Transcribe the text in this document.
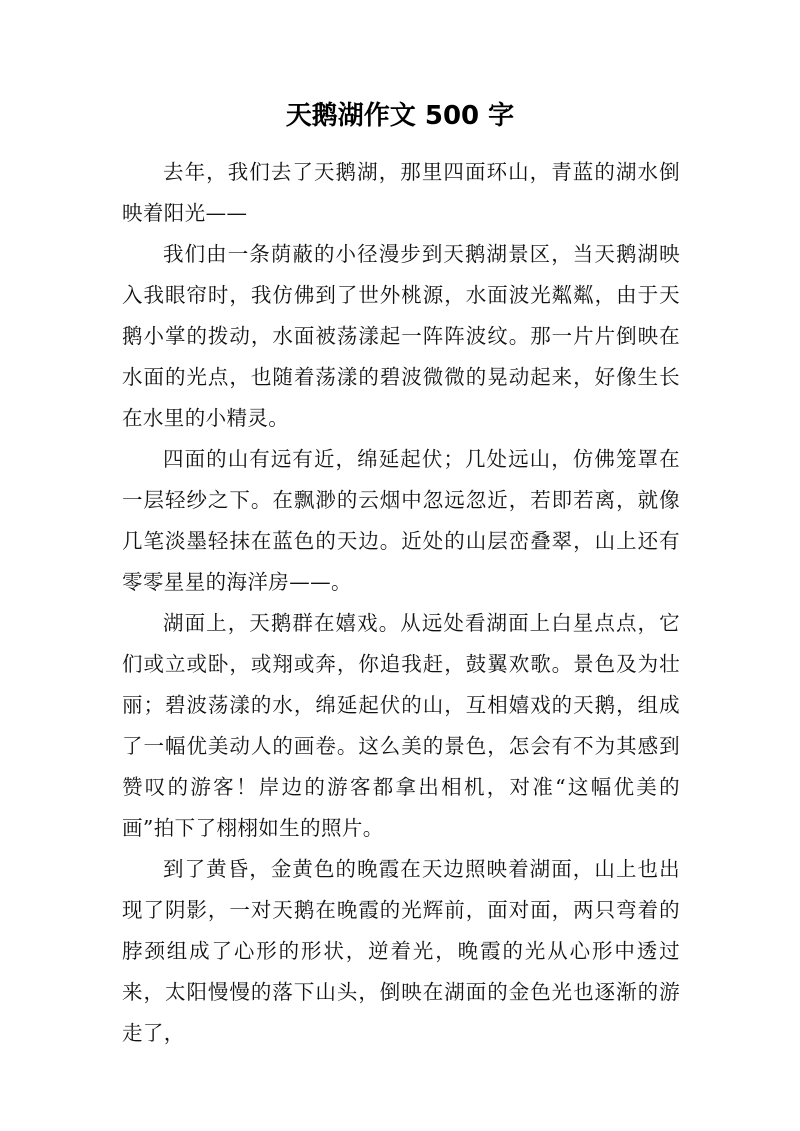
天鹅湖作文 500 字

去年，我们去了天鹅湖，那里四面环山，青蓝的湖水倒映着阳光——

我们由一条荫蔽的小径漫步到天鹅湖景区，当天鹅湖映入我眼帘时，我仿佛到了世外桃源，水面波光粼粼，由于天鹅小掌的拨动，水面被荡漾起一阵阵波纹。那一片片倒映在水面的光点，也随着荡漾的碧波微微的晃动起来，好像生长在水里的小精灵。

四面的山有远有近，绵延起伏；几处远山，仿佛笼罩在一层轻纱之下。在飘渺的云烟中忽远忽近，若即若离，就像几笔淡墨轻抹在蓝色的天边。近处的山层峦叠翠，山上还有零零星星的海洋房——。

湖面上，天鹅群在嬉戏。从远处看湖面上白星点点，它们或立或卧，或翔或奔，你追我赶，鼓翼欢歌。景色及为壮丽；碧波荡漾的水，绵延起伏的山，互相嬉戏的天鹅，组成了一幅优美动人的画卷。这么美的景色，怎会有不为其感到赞叹的游客！岸边的游客都拿出相机，对准“这幅优美的画”拍下了栩栩如生的照片。

到了黄昏，金黄色的晚霞在天边照映着湖面，山上也出现了阴影，一对天鹅在晚霞的光辉前，面对面，两只弯着的脖颈组成了心形的形状，逆着光，晚霞的光从心形中透过来，太阳慢慢的落下山头，倒映在湖面的金色光也逐渐的游走了，
